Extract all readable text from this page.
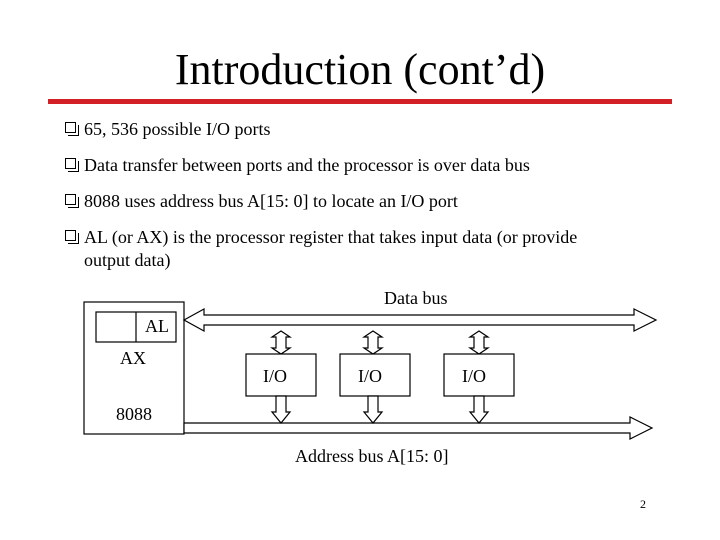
Introduction (cont’d)
65, 536 possible I/O ports
Data transfer between ports and the processor is over data bus
8088 uses address bus A[15: 0] to locate an I/O port
AL (or AX) is the processor register that takes input data (or provide
output data)
AL
AX
8088
Data bus
Address bus A[15: 0]
I/O	I/O	I/O
2
